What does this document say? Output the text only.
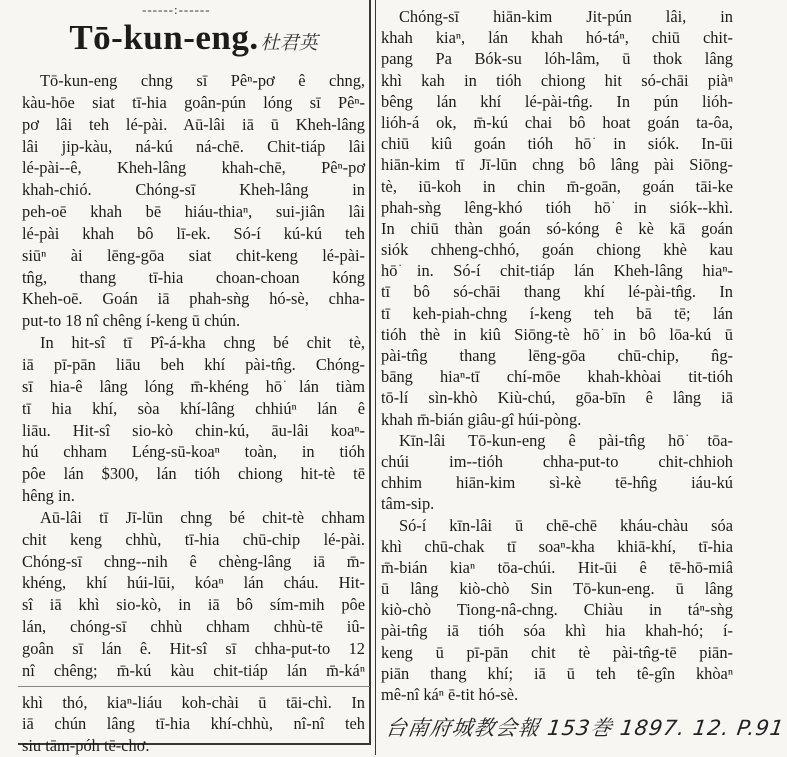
------:------
Tō-kun-eng. 杜君英
Tō-kun-eng chng sī Pêⁿ-pơ ê chng,
kàu-hōe siat tī-hia goân-pún lóng sī Pêⁿ-
pơ lâi teh lé-pài. Aū-lâi iā ū Kheh-lâng
lâi jip-kàu, ná-kú ná-chē. Chit-tiáp lâi
lé-pài--ê, Kheh-lâng khah-chē, Pêⁿ-pơ
khah-chió. Chóng-sī Kheh-lâng in
peh-oē khah bē hiáu-thiaⁿ, sui-jiân lâi
lé-pài khah bô lī-ek. Só-í kú-kú teh
siūⁿ ài lēng-gōa siat chit-keng lé-pài-
tn̂g, thang tī-hia choan-choan kóng
Kheh-oē. Goán iā phah-sǹg hó-sè, chha-
put-to 18 nî chêng í-keng ū chún.
In hit-sî tī Pî-á-kha chng bé chit tè,
iā pī-pān liāu beh khí pài-tn̂g. Chóng-
sī hia-ê lâng lóng m̄-khéng hō͘ lán tiàm
tī hia khí, sòa khí-lâng chhiúⁿ lán ê
liāu. Hit-sî sio-kò chin-kú, āu-lâi koaⁿ-
hú chham Léng-sū-koaⁿ toàn, in tióh
pôe lán $300, lán tióh chiong hit-tè tē
hêng in.
Aū-lâi tī Jī-lūn chng bé chit-tè chham
chit keng chhù, tī-hia chū-chip lé-pài.
Chóng-sī chng--nih ê chèng-lâng iā m̄-
khéng, khí húi-lūi, kóaⁿ lán cháu. Hit-
sî iā khì sio-kò, in iā bô sím-mih pôe
lán, chóng-sī chhù chham chhù-tē iû-
goân sī lán ê. Hit-sî sī chha-put-to 12
nî chêng; m̄-kú kàu chit-tiáp lán m̄-káⁿ
khì thó, kiaⁿ-liáu koh-chài ū tāi-chì. In
iā chún lâng tī-hia khí-chhù, nî-nî teh
siu tām-póh tē-chơ.
Chóng-sī hiān-kim Jit-pún lâi, in
khah kiaⁿ, lán khah hó-táⁿ, chiū chit-
pang Pa Bók-su lóh-lâm, ū thok lâng
khì kah in tióh chiong hit só-chāi piàⁿ
bêng lán khí lé-pài-tn̂g. In pún lióh-
lióh-á ok, m̄-kú chai bô hoat goán ta-ôa,
chiū kiû goán tióh hō͘ in siók. In-ūi
hiān-kim tī Jī-lūn chng bô lâng pài Siōng-
tè, iū-koh in chin m̄-goān, goán tāi-ke
phah-sǹg lêng-khó tióh hō͘ in siók--khì.
In chiū thàn goán só-kóng ê kè kā goán
siók chheng-chhó, goán chiong khè kau
hō͘ in. Só-í chit-tiáp lán Kheh-lâng hiaⁿ-
tī bô só-chāi thang khí lé-pài-tn̂g. In
tī keh-piah-chng í-keng teh bā tē; lán
tióh thè in kiû Siōng-tè hō͘ in bô lōa-kú ū
pài-tn̂g thang lēng-gōa chū-chip, n̂g-
bāng hiaⁿ-tī chí-mōe khah-khòai tit-tióh
tō-lí sìn-khò Kiù-chú, gōa-bīn ê lâng iā
khah m̄-bián giâu-gî húi-pòng.
Kīn-lâi Tō-kun-eng ê pài-tn̂g hō͘ tōa-
chúi im--tióh chha-put-to chit-chhioh
chhim hiān-kim sì-kè tē-hn̂g iáu-kú
tâm-sip.
Só-í kīn-lâi ū chē-chē kháu-chàu sóa
khì chū-chak tī soaⁿ-kha khiā-khí, tī-hia
m̄-bián kiaⁿ tōa-chúi. Hit-ūi ê tē-hō-miâ
ū lâng kiò-chò Sin Tō-kun-eng. ū lâng
kiò-chò Tiong-nâ-chng. Chiàu in táⁿ-sǹg
pài-tn̂g iā tióh sóa khì hia khah-hó; í-
keng ū pī-pān chit tè pài-tn̂g-tē piān-
piān thang khí; iā ū teh tê-gîn khòaⁿ
mê-nî káⁿ ē-tit hó-sè.
台南府城教会報 153巻 1897. 12. P.91
